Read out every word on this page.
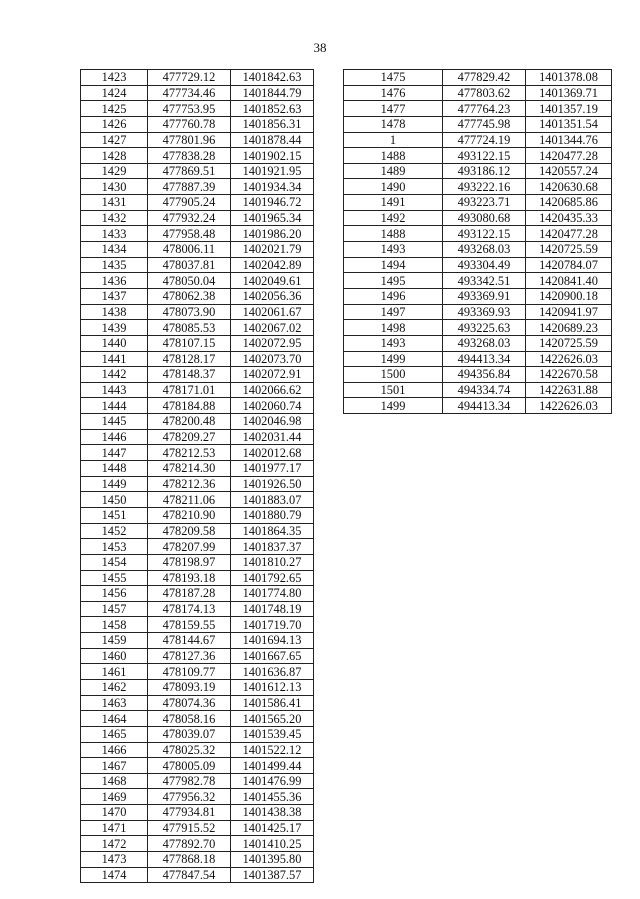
38
1423	477729.12	1401842.63
1424	477734.46	1401844.79
1425	477753.95	1401852.63
1426	477760.78	1401856.31
1427	477801.96	1401878.44
1428	477838.28	1401902.15
1429	477869.51	1401921.95
1430	477887.39	1401934.34
1431	477905.24	1401946.72
1432	477932.24	1401965.34
1433	477958.48	1401986.20
1434	478006.11	1402021.79
1435	478037.81	1402042.89
1436	478050.04	1402049.61
1437	478062.38	1402056.36
1438	478073.90	1402061.67
1439	478085.53	1402067.02
1440	478107.15	1402072.95
1441	478128.17	1402073.70
1442	478148.37	1402072.91
1443	478171.01	1402066.62
1444	478184.88	1402060.74
1445	478200.48	1402046.98
1446	478209.27	1402031.44
1447	478212.53	1402012.68
1448	478214.30	1401977.17
1449	478212.36	1401926.50
1450	478211.06	1401883.07
1451	478210.90	1401880.79
1452	478209.58	1401864.35
1453	478207.99	1401837.37
1454	478198.97	1401810.27
1455	478193.18	1401792.65
1456	478187.28	1401774.80
1457	478174.13	1401748.19
1458	478159.55	1401719.70
1459	478144.67	1401694.13
1460	478127.36	1401667.65
1461	478109.77	1401636.87
1462	478093.19	1401612.13
1463	478074.36	1401586.41
1464	478058.16	1401565.20
1465	478039.07	1401539.45
1466	478025.32	1401522.12
1467	478005.09	1401499.44
1468	477982.78	1401476.99
1469	477956.32	1401455.36
1470	477934.81	1401438.38
1471	477915.52	1401425.17
1472	477892.70	1401410.25
1473	477868.18	1401395.80
1474	477847.54	1401387.57
1475	477829.42	1401378.08
1476	477803.62	1401369.71
1477	477764.23	1401357.19
1478	477745.98	1401351.54
1	477724.19	1401344.76
1488	493122.15	1420477.28
1489	493186.12	1420557.24
1490	493222.16	1420630.68
1491	493223.71	1420685.86
1492	493080.68	1420435.33
1488	493122.15	1420477.28
1493	493268.03	1420725.59
1494	493304.49	1420784.07
1495	493342.51	1420841.40
1496	493369.91	1420900.18
1497	493369.93	1420941.97
1498	493225.63	1420689.23
1493	493268.03	1420725.59
1499	494413.34	1422626.03
1500	494356.84	1422670.58
1501	494334.74	1422631.88
1499	494413.34	1422626.03
